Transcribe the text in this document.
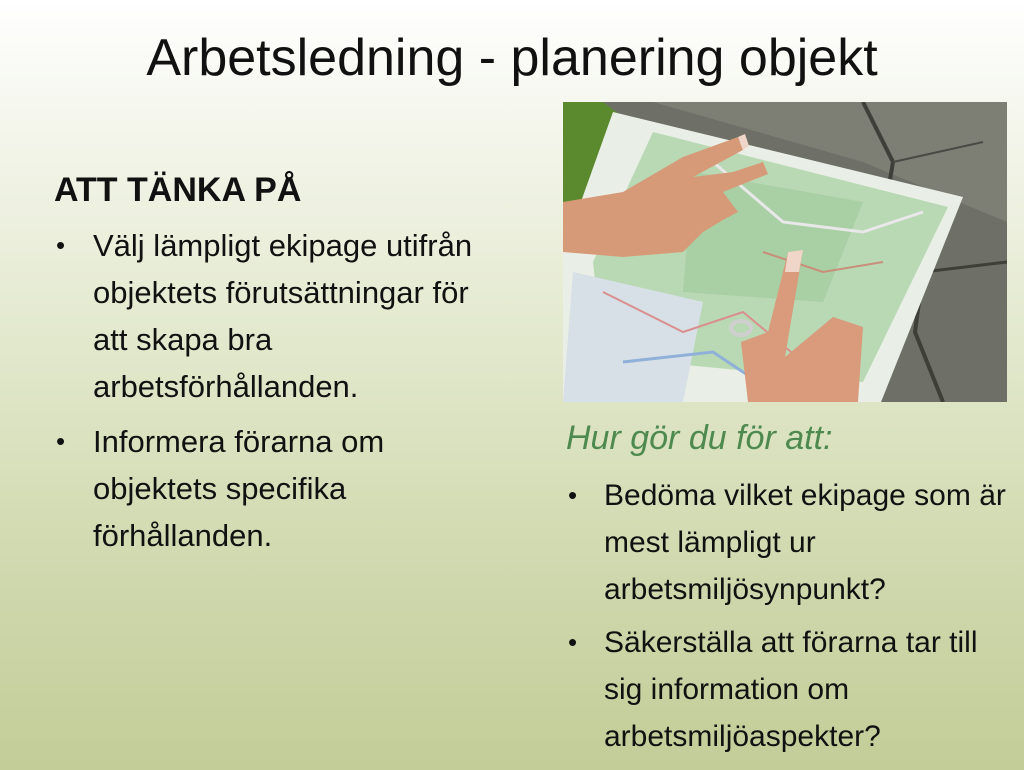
Arbetsledning - planering objekt
ATT TÄNKA PÅ
• Välj lämpligt ekipage utifrån objektets förutsättningar för att skapa bra arbetsförhållanden.
• Informera förarna om objektets specifika förhållanden.
Hur gör du för att:
• Bedöma vilket ekipage som är mest lämpligt ur arbetsmiljösynpunkt?
• Säkerställa att förarna tar till sig information om arbetsmiljöaspekter?
